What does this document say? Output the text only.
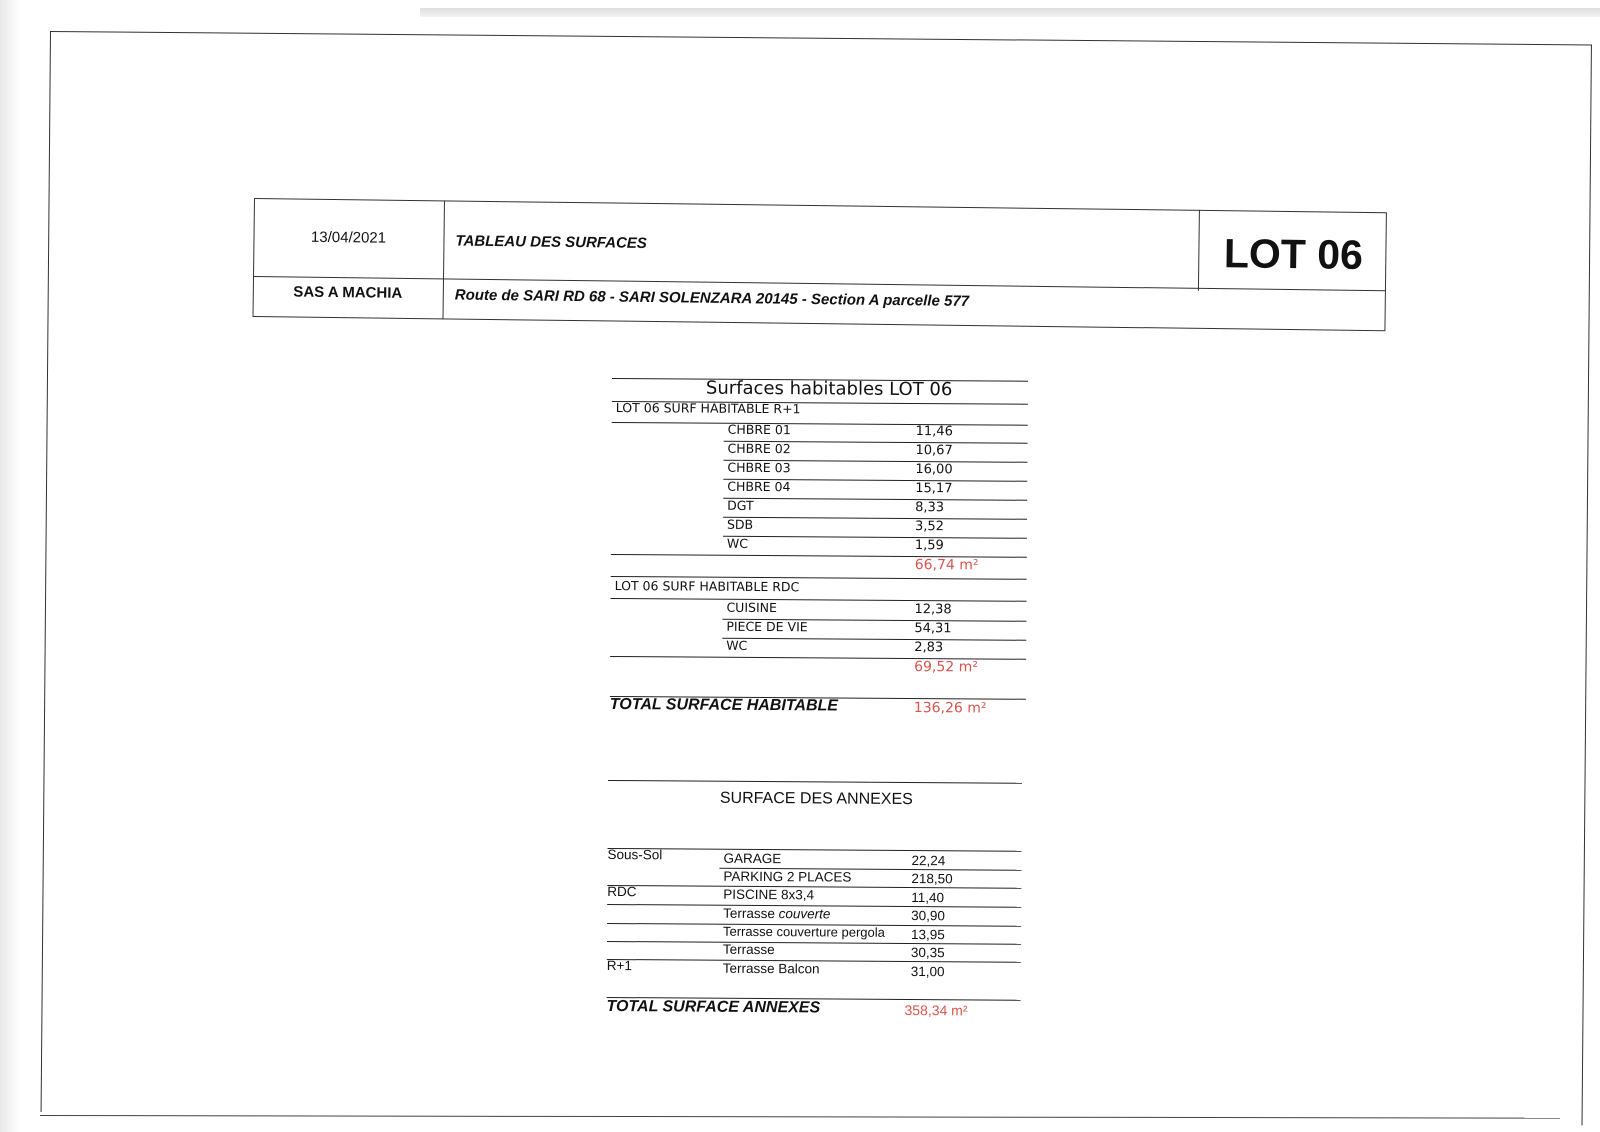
13/04/2021	TABLEAU DES SURFACES	LOT 06
SAS A MACHIA	Route de SARI RD 68 - SARI SOLENZARA 20145 - Section A parcelle 577
Surfaces habitables LOT 06
LOT 06 SURF HABITABLE R+1
CHBRE 01	11,46
CHBRE 02	10,67
CHBRE 03	16,00
CHBRE 04	15,17
DGT	8,33
SDB	3,52
WC	1,59
66,74 m²
LOT 06 SURF HABITABLE RDC
CUISINE	12,38
PIECE DE VIE	54,31
WC	2,83
69,52 m²
TOTAL SURFACE HABITABLE	136,26 m²
SURFACE DES ANNEXES
Sous-Sol	GARAGE	22,24
PARKING 2 PLACES	218,50
RDC	PISCINE 8x3,4	11,40
Terrasse couverte	30,90
Terrasse couverture pergola 13,95
Terrasse	30,35
R+1	Terrasse Balcon	31,00
TOTAL SURFACE ANNEXES	358,34 m²
